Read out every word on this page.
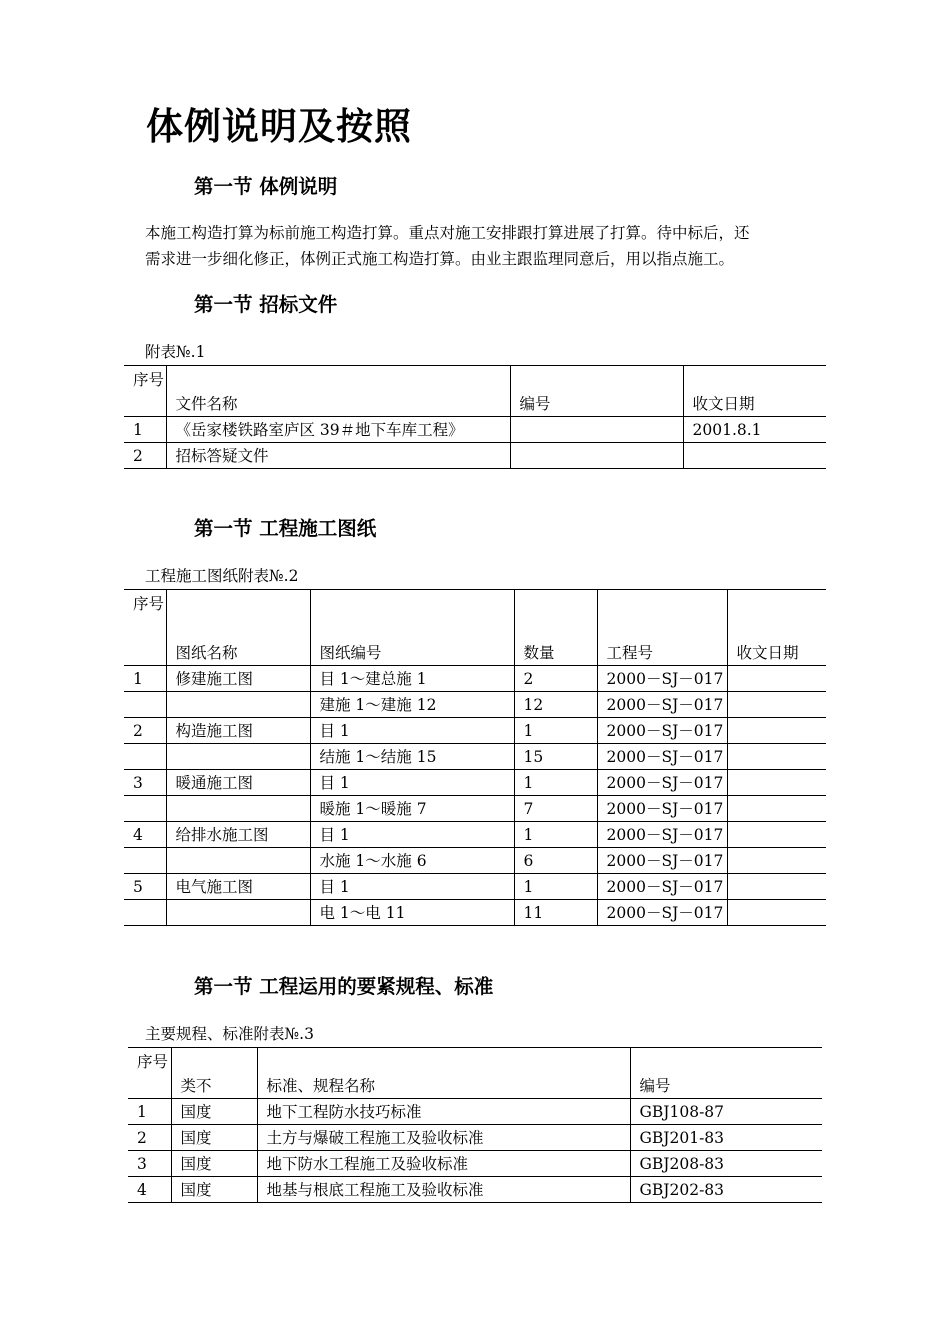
体例说明及按照
第一节 体例说明
本施工构造打算为标前施工构造打算。重点对施工安排跟打算进展了打算。待中标后，还
需求进一步细化修正，体例正式施工构造打算。由业主跟监理同意后，用以指点施工。
第一节 招标文件
附表№.1
序号	文件名称	编号	收文日期
1	《岳家楼铁路室庐区 39＃地下车库工程》		2001.8.1
2	招标答疑文件		
第一节 工程施工图纸
工程施工图纸附表№.2
序号	图纸名称	图纸编号	数量	工程号	收文日期
1	修建施工图	目 1～建总施 1	2	2000－SJ－017	
		建施 1～建施 12	12	2000－SJ－017	
2	构造施工图	目 1	1	2000－SJ－017	
		结施 1～结施 15	15	2000－SJ－017	
3	暖通施工图	目 1	1	2000－SJ－017	
		暖施 1～暖施 7	7	2000－SJ－017	
4	给排水施工图	目 1	1	2000－SJ－017	
		水施 1～水施 6	6	2000－SJ－017	
5	电气施工图	目 1	1	2000－SJ－017	
		电 1～电 11	11	2000－SJ－017	
第一节 工程运用的要紧规程、标准
主要规程、标准附表№.3
序号	类不	标准、规程名称	编号
1	国度	地下工程防水技巧标准	GBJ108-87
2	国度	土方与爆破工程施工及验收标准	GBJ201-83
3	国度	地下防水工程施工及验收标准	GBJ208-83
4	国度	地基与根底工程施工及验收标准	GBJ202-83
